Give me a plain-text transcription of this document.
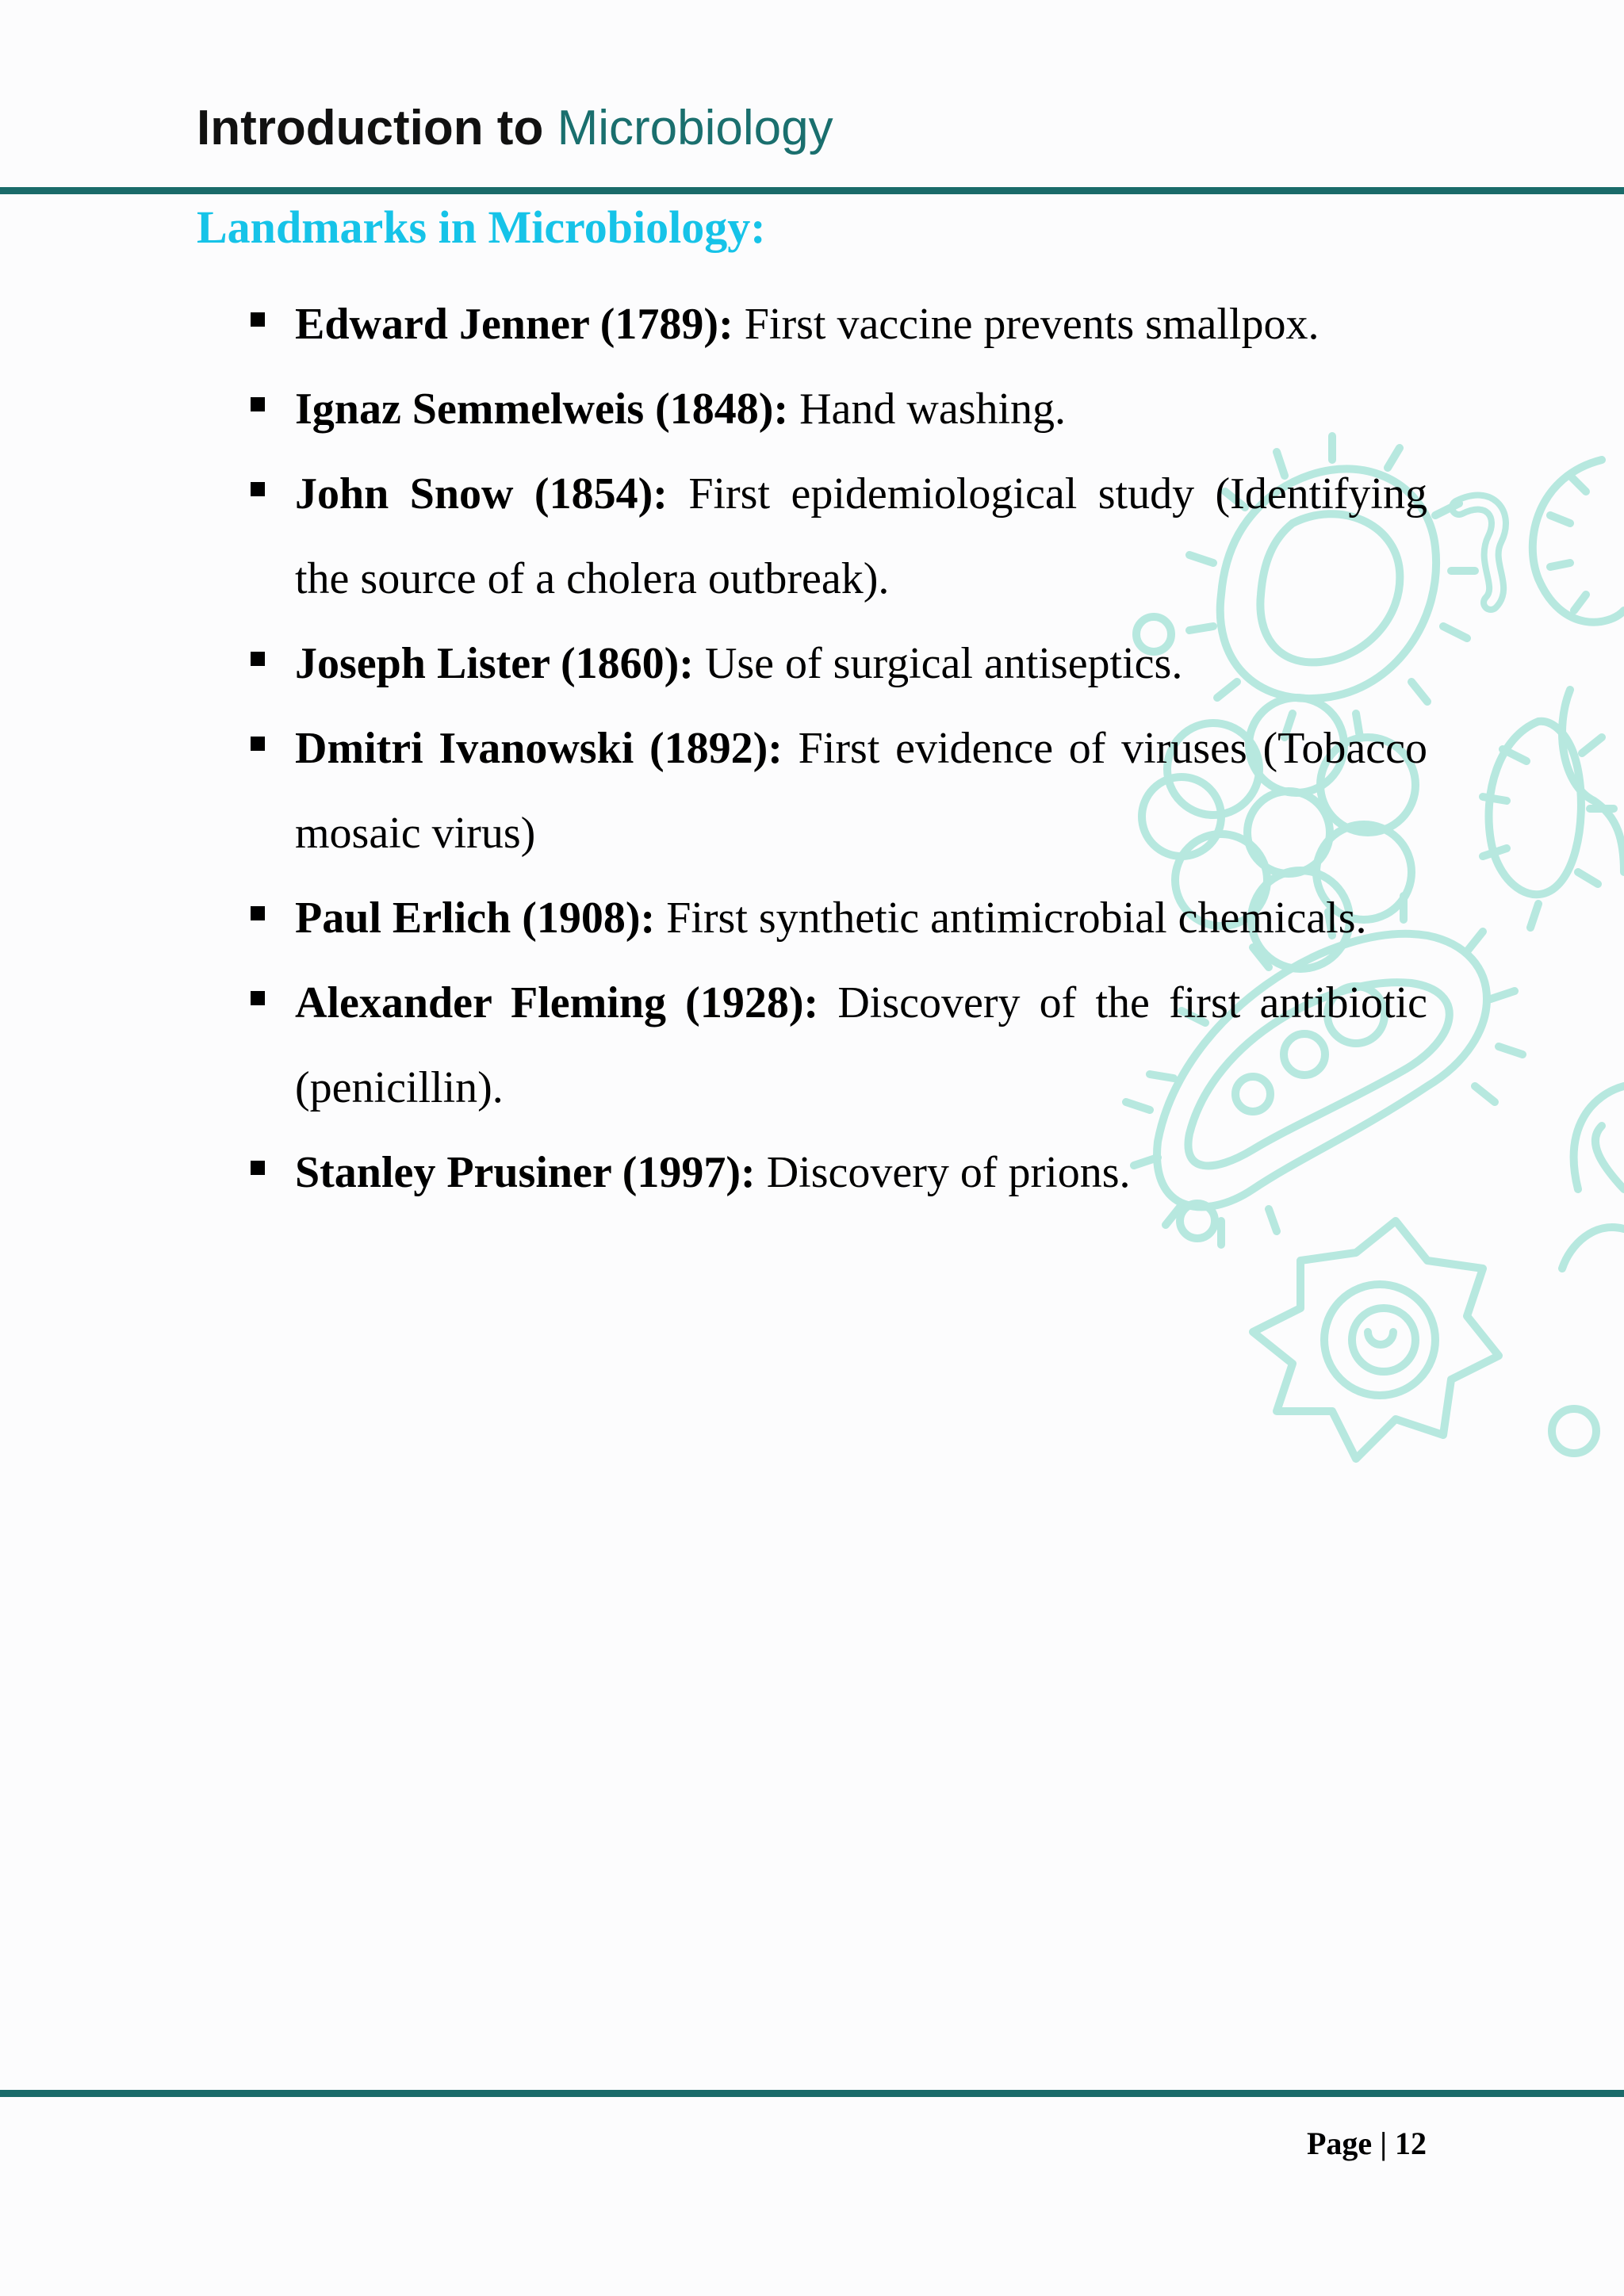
Introduction to Microbiology
Landmarks in Microbiology:
Edward Jenner (1789): First vaccine prevents smallpox.
Ignaz Semmelweis (1848): Hand washing.
John Snow (1854): First epidemiological study (Identifying the source of a cholera outbreak).
Joseph Lister (1860): Use of surgical antiseptics.
Dmitri Ivanowski (1892): First evidence of viruses (Tobacco mosaic virus)
Paul Erlich (1908): First synthetic antimicrobial chemicals.
Alexander Fleming (1928): Discovery of the first antibiotic (penicillin).
Stanley Prusiner (1997): Discovery of prions.
Page | 12
